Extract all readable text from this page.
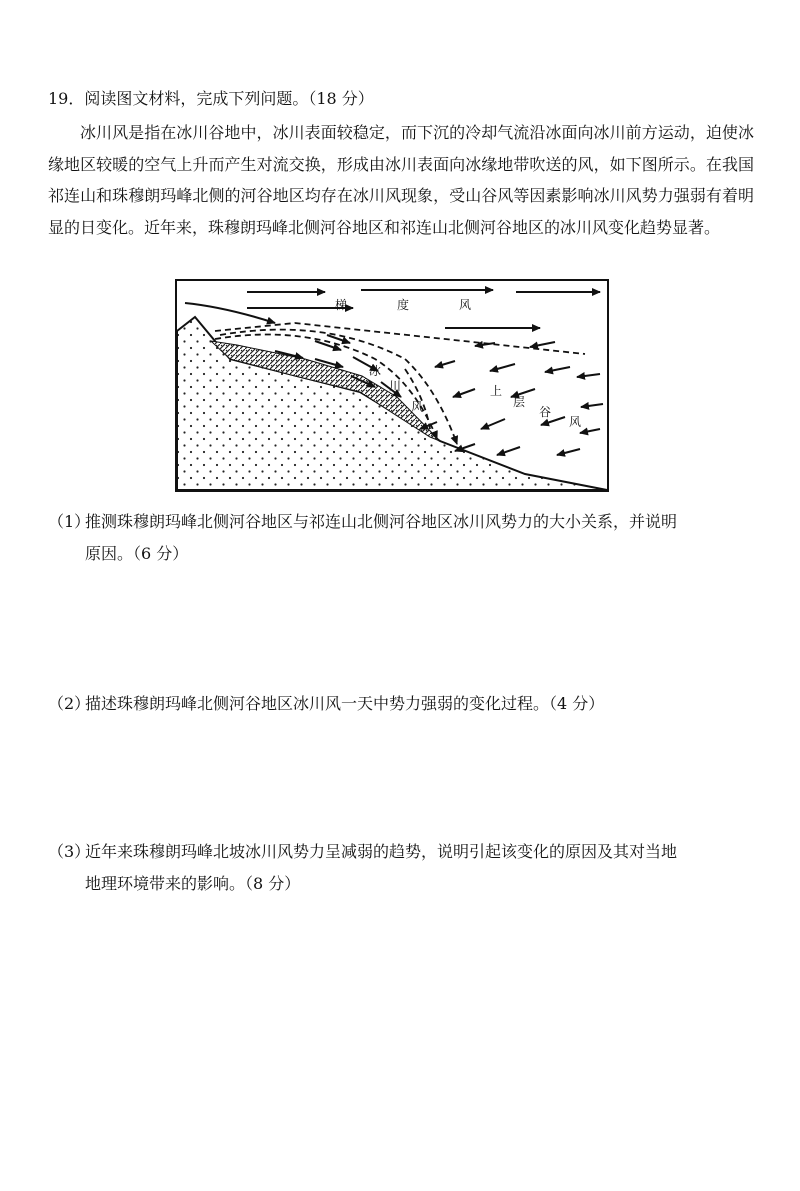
19．阅读图文材料，完成下列问题。（18 分）
冰川风是指在冰川谷地中，冰川表面较稳定，而下沉的冷却气流沿冰面向冰川前方运动，迫使冰缘地区较暖的空气上升而产生对流交换，形成由冰川表面向冰缘地带吹送的风，如下图所示。在我国祁连山和珠穆朗玛峰北侧的河谷地区均存在冰川风现象，受山谷风等因素影响冰川风势力强弱有着明显的日变化。近年来，珠穆朗玛峰北侧河谷地区和祁连山北侧河谷地区的冰川风变化趋势显著。
梯	度	风
冰
川
风
上
层
谷
风
（1）推测珠穆朗玛峰北侧河谷地区与祁连山北侧河谷地区冰川风势力的大小关系，并说明
原因。（6 分）
（2）描述珠穆朗玛峰北侧河谷地区冰川风一天中势力强弱的变化过程。（4 分）
（3）近年来珠穆朗玛峰北坡冰川风势力呈减弱的趋势，说明引起该变化的原因及其对当地
地理环境带来的影响。（8 分）
